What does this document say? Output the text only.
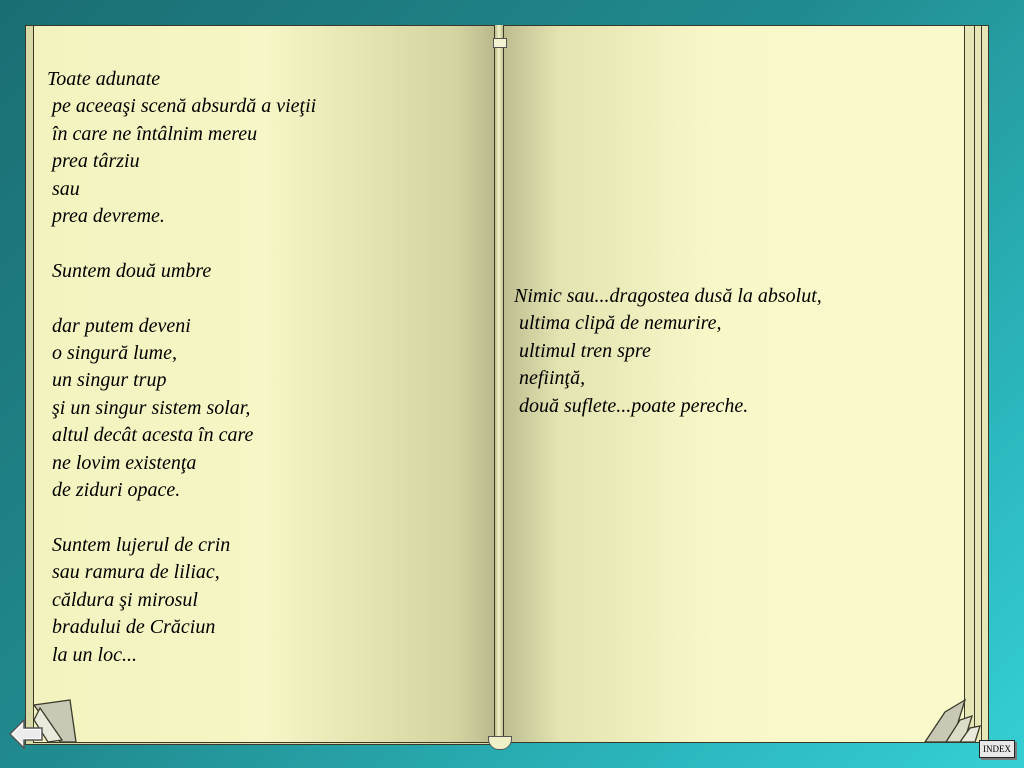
Toate adunate
pe aceeaşi scenă absurdă a vieţii
în care ne întâlnim mereu
prea târziu
sau
prea devreme.

Suntem două umbre

dar putem deveni
o singură lume,
un singur trup
şi un singur sistem solar,
altul decât acesta în care
ne lovim existenţa
de ziduri opace.

Suntem lujerul de crin
sau ramura de liliac,
căldura şi mirosul
bradului de Crăciun
la un loc...

Nimic sau...dragostea dusă la absolut,
ultima clipă de nemurire,
ultimul tren spre
nefiinţă,
două suflete...poate pereche.

INDEX
